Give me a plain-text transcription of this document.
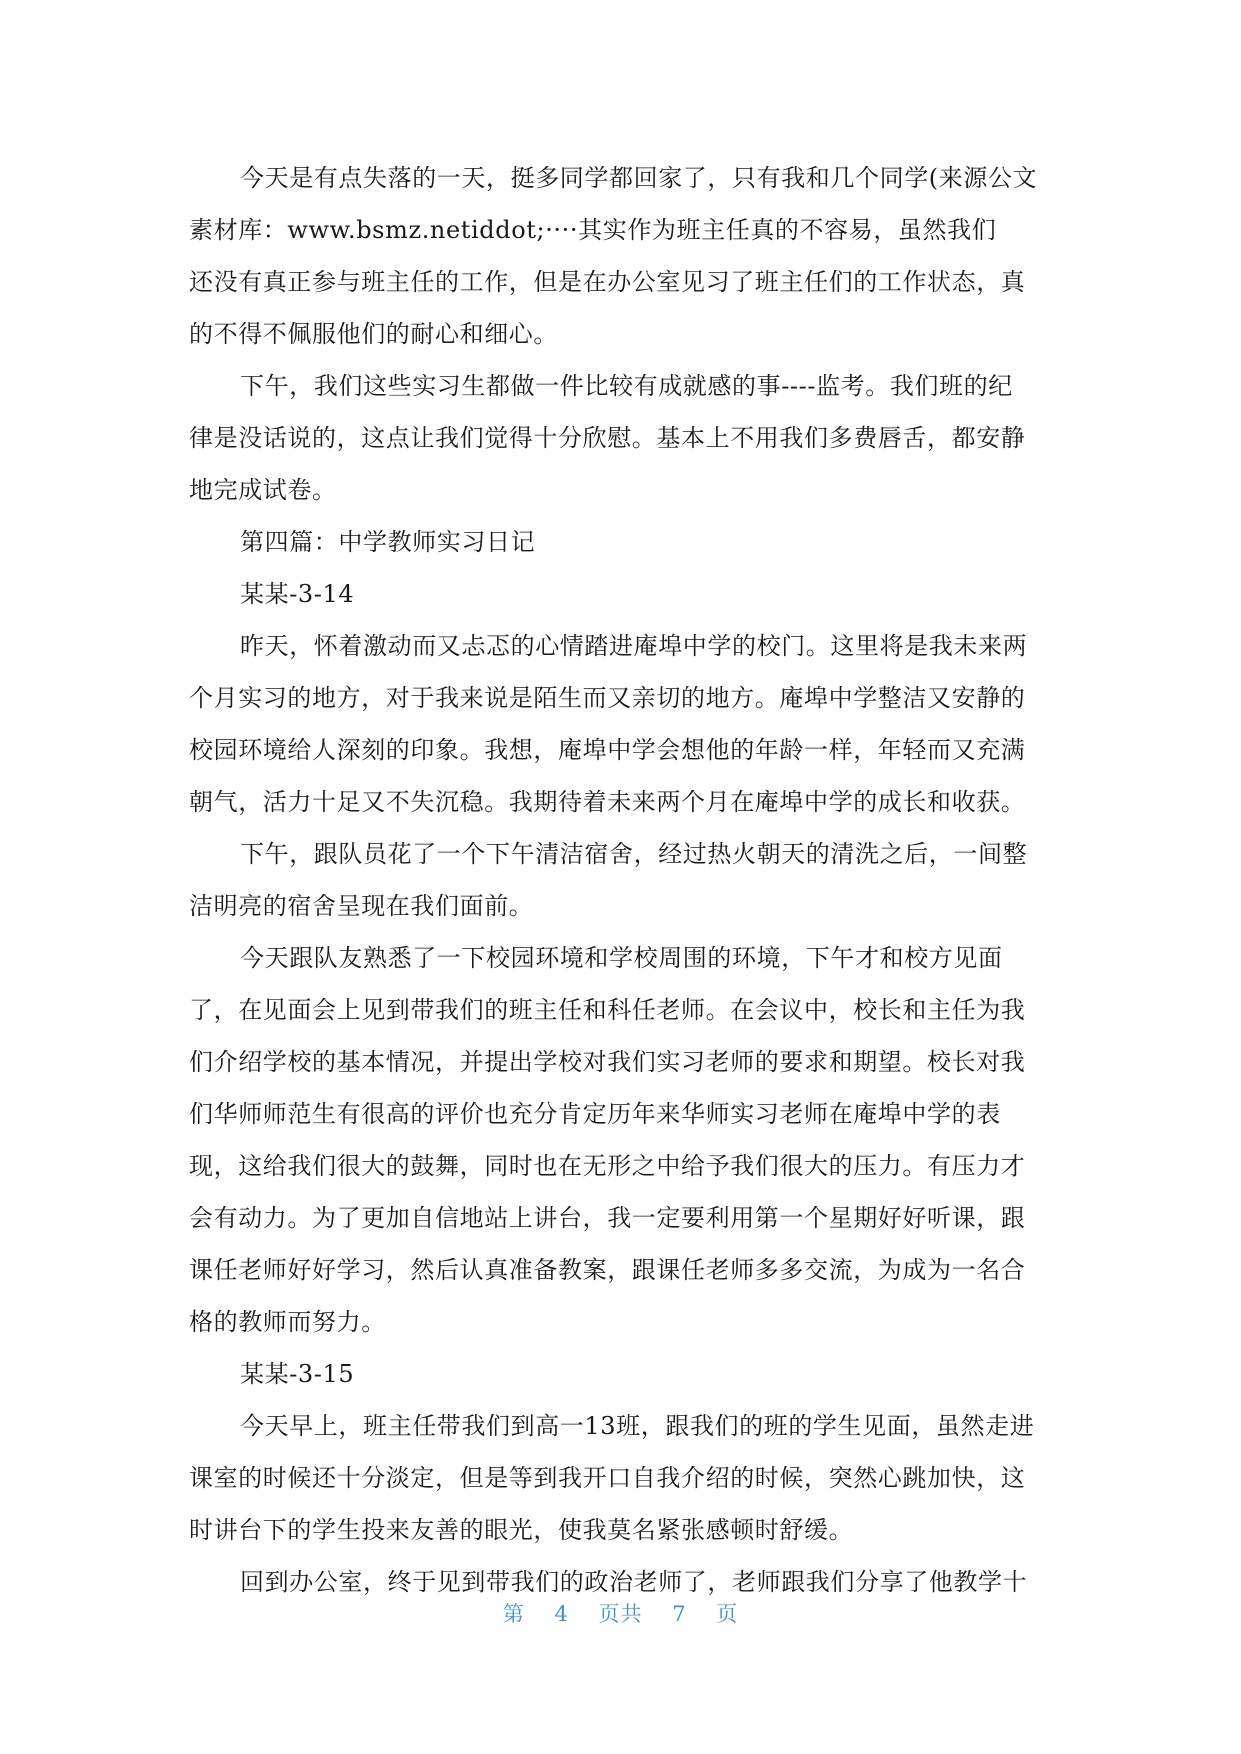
今天是有点失落的一天，挺多同学都回家了，只有我和几个同学(来源公文
素材库：www.bsmz.netiddot;····其实作为班主任真的不容易，虽然我们
还没有真正参与班主任的工作，但是在办公室见习了班主任们的工作状态，真
的不得不佩服他们的耐心和细心。
下午，我们这些实习生都做一件比较有成就感的事----监考。我们班的纪
律是没话说的，这点让我们觉得十分欣慰。基本上不用我们多费唇舌，都安静
地完成试卷。
第四篇：中学教师实习日记
某某-3-14
昨天，怀着激动而又忐忑的心情踏进庵埠中学的校门。这里将是我未来两
个月实习的地方，对于我来说是陌生而又亲切的地方。庵埠中学整洁又安静的
校园环境给人深刻的印象。我想，庵埠中学会想他的年龄一样，年轻而又充满
朝气，活力十足又不失沉稳。我期待着未来两个月在庵埠中学的成长和收获。
下午，跟队员花了一个下午清洁宿舍，经过热火朝天的清洗之后，一间整
洁明亮的宿舍呈现在我们面前。
今天跟队友熟悉了一下校园环境和学校周围的环境，下午才和校方见面
了，在见面会上见到带我们的班主任和科任老师。在会议中，校长和主任为我
们介绍学校的基本情况，并提出学校对我们实习老师的要求和期望。校长对我
们华师师范生有很高的评价也充分肯定历年来华师实习老师在庵埠中学的表
现，这给我们很大的鼓舞，同时也在无形之中给予我们很大的压力。有压力才
会有动力。为了更加自信地站上讲台，我一定要利用第一个星期好好听课，跟
课任老师好好学习，然后认真准备教案，跟课任老师多多交流，为成为一名合
格的教师而努力。
某某-3-15
今天早上，班主任带我们到高一13班，跟我们的班的学生见面，虽然走进
课室的时候还十分淡定，但是等到我开口自我介绍的时候，突然心跳加快，这
时讲台下的学生投来友善的眼光，使我莫名紧张感顿时舒缓。
回到办公室，终于见到带我们的政治老师了，老师跟我们分享了他教学十
第 4 页共 7 页
